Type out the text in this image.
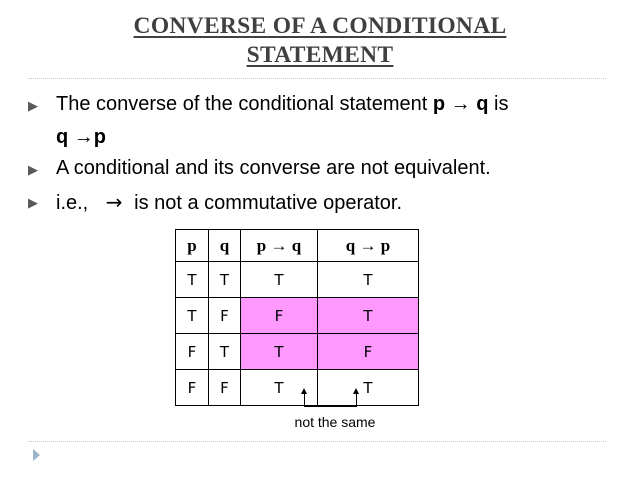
CONVERSE OF A CONDITIONAL
STATEMENT
▶ The converse of the conditional statement p → q is
q →p
▶ A conditional and its converse are not equivalent.
▶ i.e., → is not a commutative operator.
p	q	p → q	q → p
T	T	T	T
T	F	F	T
F	T	T	F
F	F	T	T
not the same
